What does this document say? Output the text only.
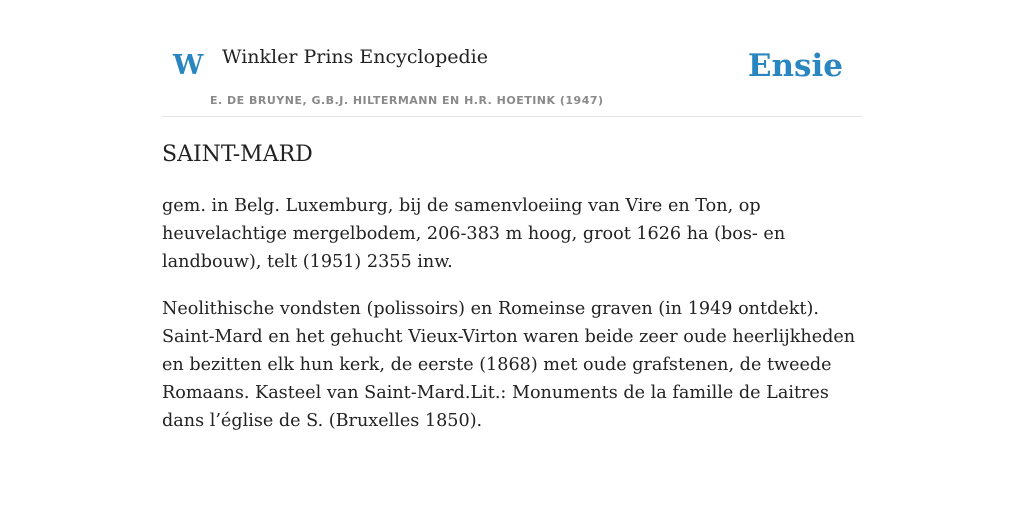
W Winkler Prins Encyclopedie
E. DE BRUYNE, G.B.J. HILTERMANN EN H.R. HOETINK (1947)
Ensie
SAINT-MARD

gem. in Belg. Luxemburg, bij de samenvloeiing van Vire en Ton, op heuvelachtige mergelbodem, 206-383 m hoog, groot 1626 ha (bos- en landbouw), telt (1951) 2355 inw.

Neolithische vondsten (polissoirs) en Romeinse graven (in 1949 ontdekt). Saint-Mard en het gehucht Vieux-Virton waren beide zeer oude heerlijkheden en bezitten elk hun kerk, de eerste (1868) met oude grafstenen, de tweede Romaans. Kasteel van Saint-Mard.Lit.: Monuments de la famille de Laitres dans l’église de S. (Bruxelles 1850).
